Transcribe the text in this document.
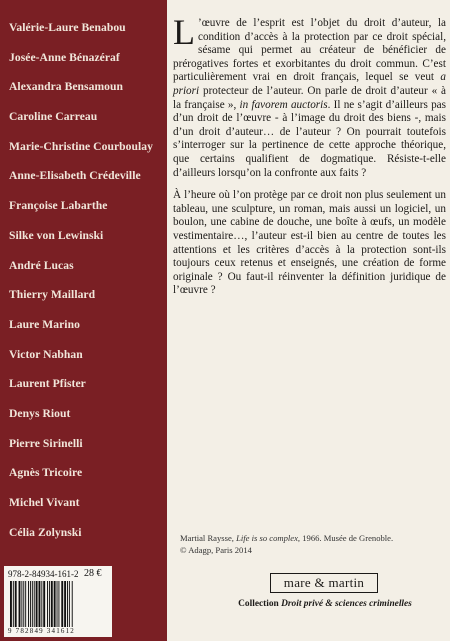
Valérie-Laure Benabou
Josée-Anne Bénazéraf
Alexandra Bensamoun
Caroline Carreau
Marie-Christine Courboulay
Anne-Elisabeth Crédeville
Françoise Labarthe
Silke von Lewinski
André Lucas
Thierry Maillard
Laure Marino
Victor Nabhan
Laurent Pfister
Denys Riout
Pierre Sirinelli
Agnès Tricoire
Michel Vivant
Célia Zolynski
978-2-84934-161-2 28 €
9 782849 341612

L ’œuvre de l’esprit est l’objet du droit d’auteur, la condition d’accès à la protection par ce droit spécial, sésame qui permet au créateur de bénéficier de prérogatives fortes et exorbitantes du droit commun. C’est particulièrement vrai en droit français, lequel se veut a priori protecteur de l’auteur. On parle de droit d’auteur « à la française », in favorem auctoris. Il ne s’agit d’ailleurs pas d’un droit de l’œuvre - à l’image du droit des biens -, mais d’un droit d’auteur… de l’auteur ? On pourrait toutefois s’interroger sur la pertinence de cette approche théorique, que certains qualifient de dogmatique. Résiste-t-elle d’ailleurs lorsqu’on la confronte aux faits ?

À l’heure où l’on protège par ce droit non plus seulement un tableau, une sculpture, un roman, mais aussi un logiciel, un boulon, une cabine de douche, une boîte à œufs, un modèle vestimentaire…, l’auteur est-il bien au centre de toutes les attentions et les critères d’accès à la protection sont-ils toujours ceux retenus et enseignés, une création de forme originale ? Ou faut-il réinventer la définition juridique de l’œuvre ?

Martial Raysse, Life is so complex, 1966. Musée de Grenoble.
© Adagp, Paris 2014
mare & martin
Collection Droit privé & sciences criminelles
